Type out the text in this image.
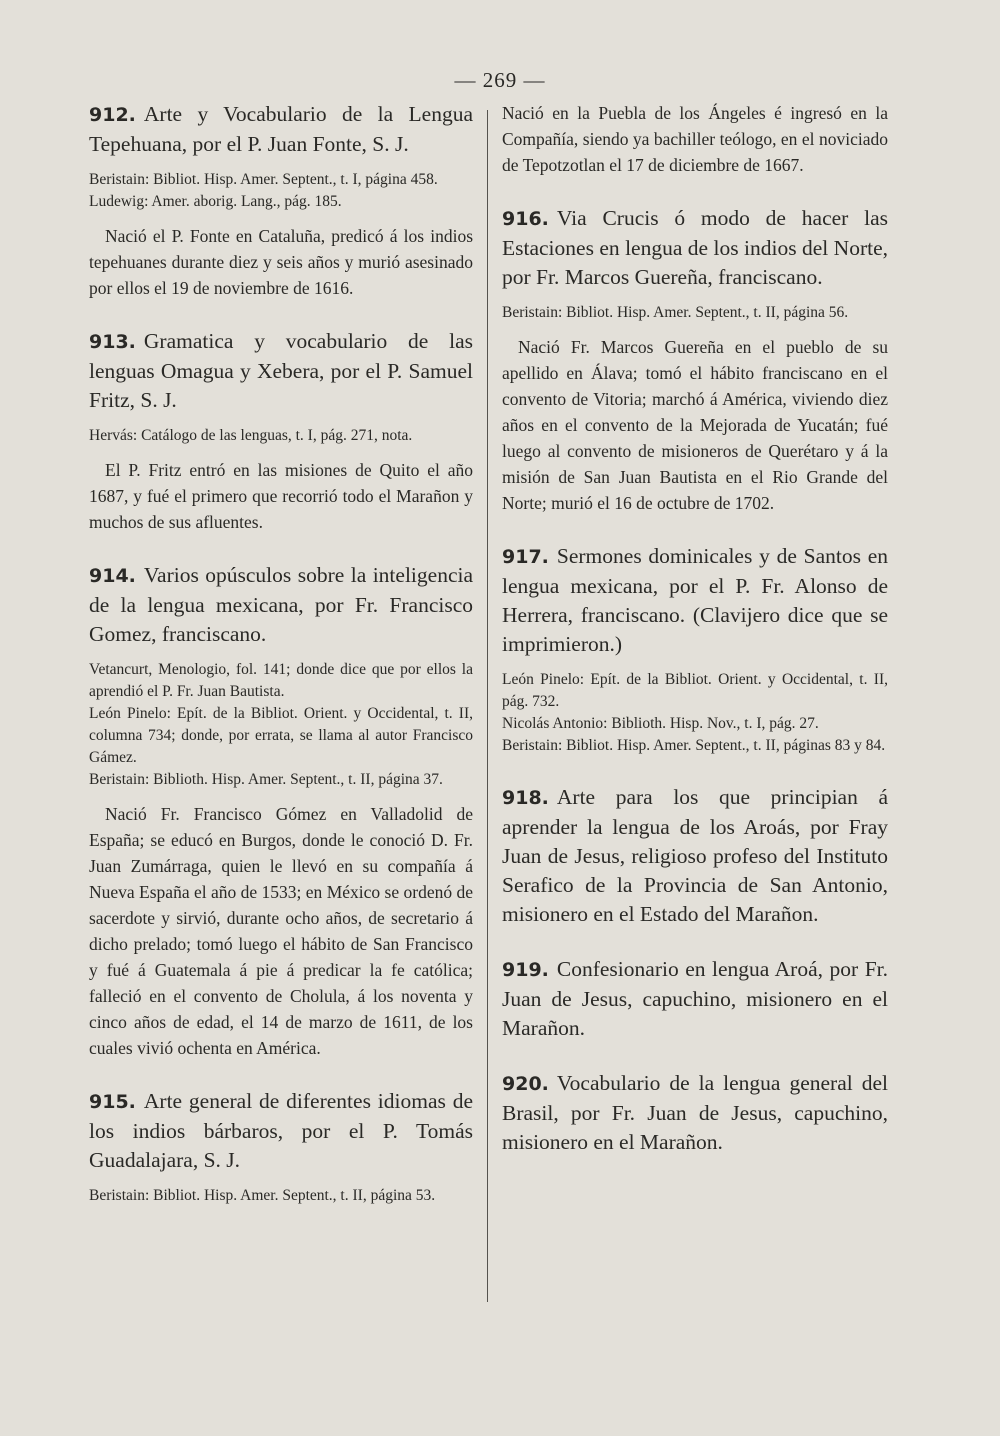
— 269 —

912. Arte y Vocabulario de la Lengua Tepehuana, por el P. Juan Fonte, S. J.

Beristain: Bibliot. Hisp. Amer. Septent., t. I, página 458.

Ludewig: Amer. aborig. Lang., pág. 185.

Nació el P. Fonte en Cataluña, predicó á los indios tepehuanes durante diez y seis años y murió asesinado por ellos el 19 de noviembre de 1616.

913. Gramatica y vocabulario de las lenguas Omagua y Xebera, por el P. Samuel Fritz, S. J.

Hervás: Catálogo de las lenguas, t. I, pág. 271, nota.

El P. Fritz entró en las misiones de Quito el año 1687, y fué el primero que recorrió todo el Marañon y muchos de sus afluentes.

914. Varios opúsculos sobre la inteligencia de la lengua mexicana, por Fr. Francisco Gomez, franciscano.

Vetancurt, Menologio, fol. 141; donde dice que por ellos la aprendió el P. Fr. Juan Bautista.

León Pinelo: Epít. de la Bibliot. Orient. y Occidental, t. II, columna 734; donde, por errata, se llama al autor Francisco Gámez.

Beristain: Biblioth. Hisp. Amer. Septent., t. II, página 37.

Nació Fr. Francisco Gómez en Valladolid de España; se educó en Burgos, donde le conoció D. Fr. Juan Zumárraga, quien le llevó en su compañía á Nueva España el año de 1533; en México se ordenó de sacerdote y sirvió, durante ocho años, de secretario á dicho prelado; tomó luego el hábito de San Francisco y fué á Guatemala á pie á predicar la fe católica; falleció en el convento de Cholula, á los noventa y cinco años de edad, el 14 de marzo de 1611, de los cuales vivió ochenta en América.

915. Arte general de diferentes idiomas de los indios bárbaros, por el P. Tomás Guadalajara, S. J.

Beristain: Bibliot. Hisp. Amer. Septent., t. II, página 53.

Nació en la Puebla de los Ángeles é ingresó en la Compañía, siendo ya bachiller teólogo, en el noviciado de Tepotzotlan el 17 de diciembre de 1667.

916. Via Crucis ó modo de hacer las Estaciones en lengua de los indios del Norte, por Fr. Marcos Guereña, franciscano.

Beristain: Bibliot. Hisp. Amer. Septent., t. II, página 56.

Nació Fr. Marcos Guereña en el pueblo de su apellido en Álava; tomó el hábito franciscano en el convento de Vitoria; marchó á América, viviendo diez años en el convento de la Mejorada de Yucatán; fué luego al convento de misioneros de Querétaro y á la misión de San Juan Bautista en el Rio Grande del Norte; murió el 16 de octubre de 1702.

917. Sermones dominicales y de Santos en lengua mexicana, por el P. Fr. Alonso de Herrera, franciscano. (Clavijero dice que se imprimieron.)

León Pinelo: Epít. de la Bibliot. Orient. y Occidental, t. II, pág. 732.

Nicolás Antonio: Biblioth. Hisp. Nov., t. I, pág. 27.

Beristain: Bibliot. Hisp. Amer. Septent., t. II, páginas 83 y 84.

918. Arte para los que principian á aprender la lengua de los Aroás, por Fray Juan de Jesus, religioso profeso del Instituto Serafico de la Provincia de San Antonio, misionero en el Estado del Marañon.

919. Confesionario en lengua Aroá, por Fr. Juan de Jesus, capuchino, misionero en el Marañon.

920. Vocabulario de la lengua general del Brasil, por Fr. Juan de Jesus, capuchino, misionero en el Marañon.
